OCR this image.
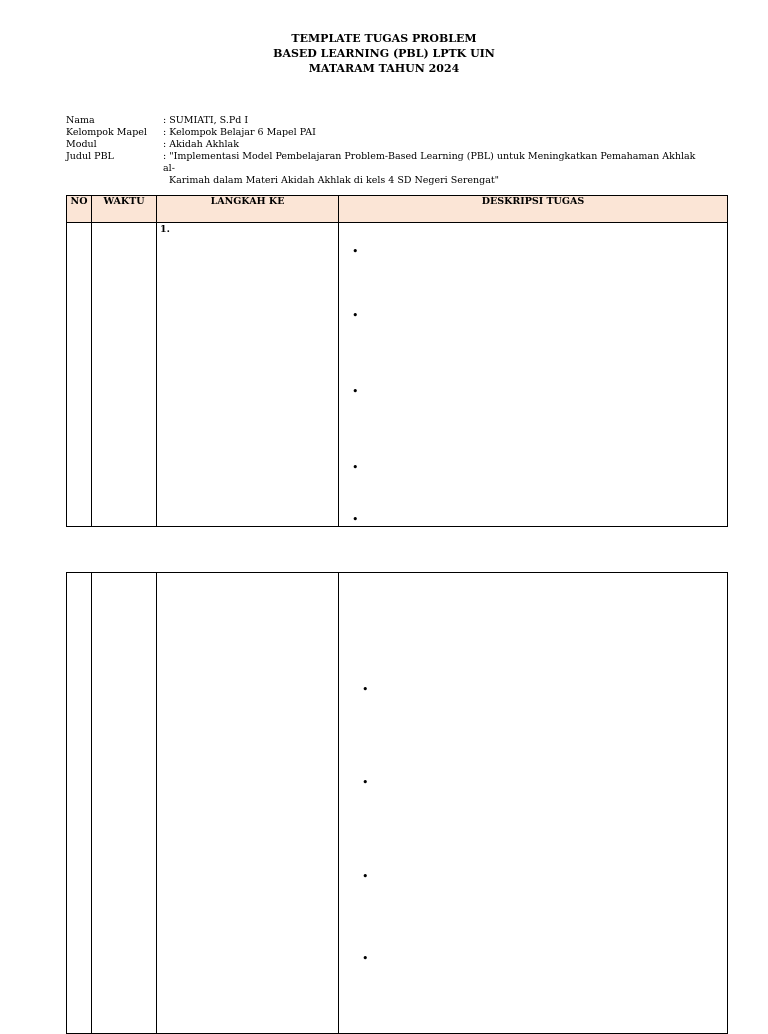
TEMPLATE TUGAS PROBLEM
BASED LEARNING (PBL) LPTK UIN
MATARAM TAHUN 2024
Nama	: SUMIATI, S.Pd I
Kelompok Mapel	: Kelompok Belajar 6 Mapel PAI
Modul	: Akidah Akhlak
Judul PBL	: "Implementasi Model Pembelajaran Problem-Based Learning (PBL) untuk Meningkatkan Pemahaman Akhlak al-
Karimah dalam Materi Akidah Akhlak di kels 4 SD Negeri Serengat"
NO	WAKTU	LANGKAH KE	DESKRIPSI TUGAS

		1.	•
•
•
•
•

•
•
•
•
